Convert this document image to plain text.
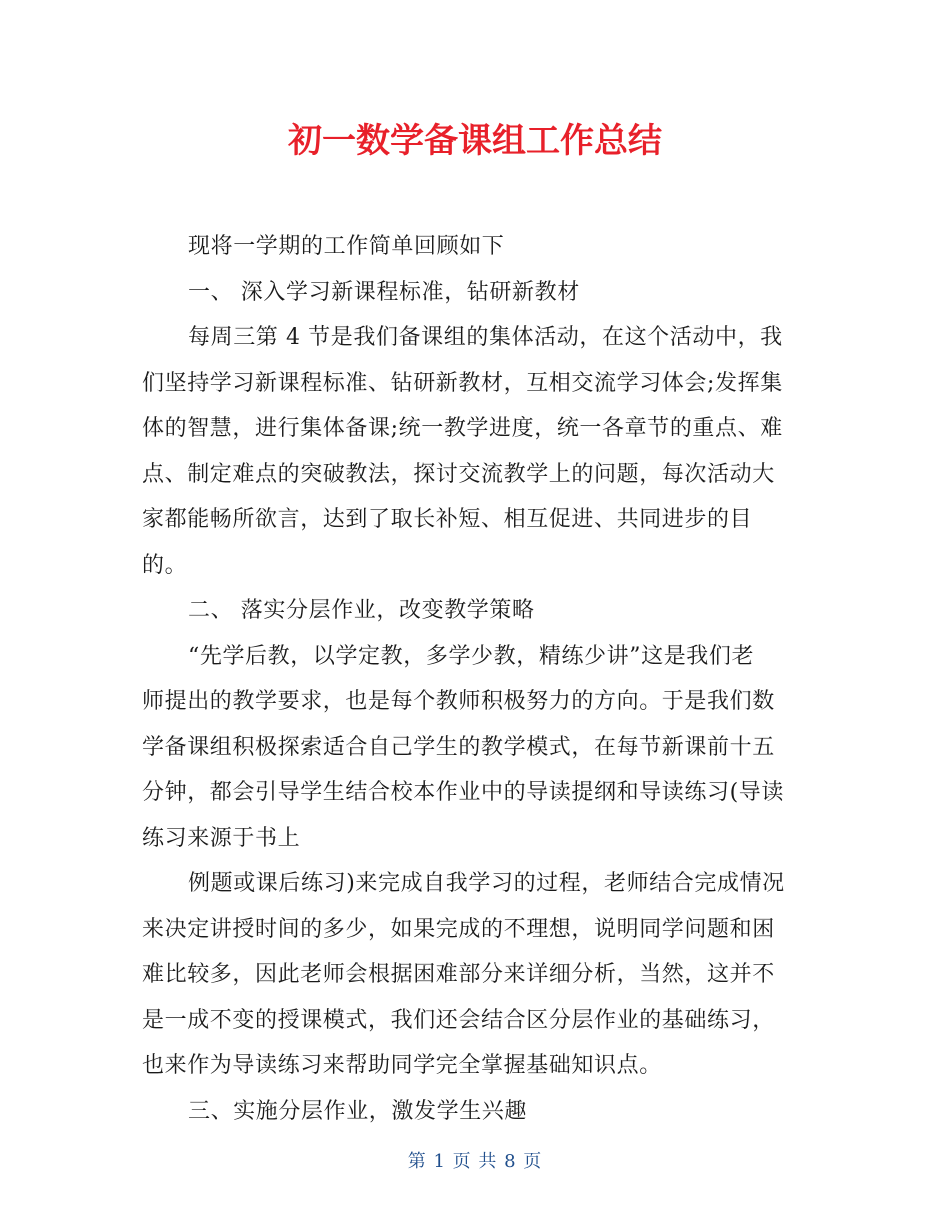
初一数学备课组工作总结
现将一学期的工作简单回顾如下
一、 深入学习新课程标准，钻研新教材
每周三第 4 节是我们备课组的集体活动，在这个活动中，我
们坚持学习新课程标准、钻研新教材，互相交流学习体会;发挥集
体的智慧，进行集体备课;统一教学进度，统一各章节的重点、难
点、制定难点的突破教法，探讨交流教学上的问题，每次活动大
家都能畅所欲言，达到了取长补短、相互促进、共同进步的目
的。
二、 落实分层作业，改变教学策略
“先学后教，以学定教，多学少教，精练少讲”这是我们老
师提出的教学要求，也是每个教师积极努力的方向。于是我们数
学备课组积极探索适合自己学生的教学模式，在每节新课前十五
分钟，都会引导学生结合校本作业中的导读提纲和导读练习(导读
练习来源于书上
例题或课后练习)来完成自我学习的过程，老师结合完成情况
来决定讲授时间的多少，如果完成的不理想，说明同学问题和困
难比较多，因此老师会根据困难部分来详细分析，当然，这并不
是一成不变的授课模式，我们还会结合区分层作业的基础练习，
也来作为导读练习来帮助同学完全掌握基础知识点。
三、实施分层作业，激发学生兴趣
第 1 页 共 8 页
